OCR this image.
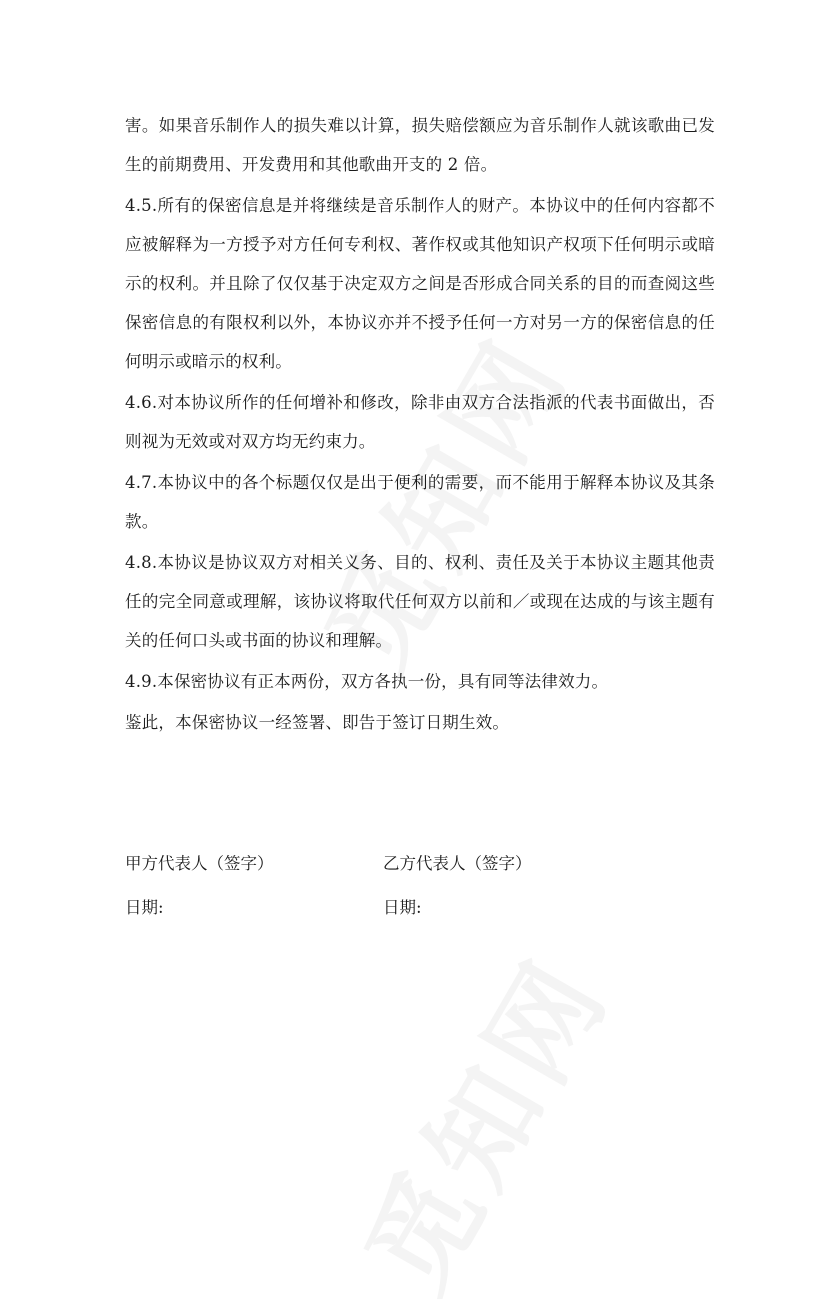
害。如果音乐制作人的损失难以计算，损失赔偿额应为音乐制作人就该歌曲已发生的前期费用、开发费用和其他歌曲开支的 2 倍。

4.5.所有的保密信息是并将继续是音乐制作人的财产。本协议中的任何内容都不应被解释为一方授予对方任何专利权、著作权或其他知识产权项下任何明示或暗示的权利。并且除了仅仅基于决定双方之间是否形成合同关系的目的而查阅这些保密信息的有限权利以外，本协议亦并不授予任何一方对另一方的保密信息的任何明示或暗示的权利。

4.6.对本协议所作的任何增补和修改，除非由双方合法指派的代表书面做出，否则视为无效或对双方均无约束力。

4.7.本协议中的各个标题仅仅是出于便利的需要，而不能用于解释本协议及其条款。

4.8.本协议是协议双方对相关义务、目的、权利、责任及关于本协议主题其他责任的完全同意或理解，该协议将取代任何双方以前和／或现在达成的与该主题有关的任何口头或书面的协议和理解。

4.9.本保密协议有正本两份，双方各执一份，具有同等法律效力。

鉴此，本保密协议一经签署、即告于签订日期生效。

甲方代表人（签字）	乙方代表人（签字）
日期:	日期:
